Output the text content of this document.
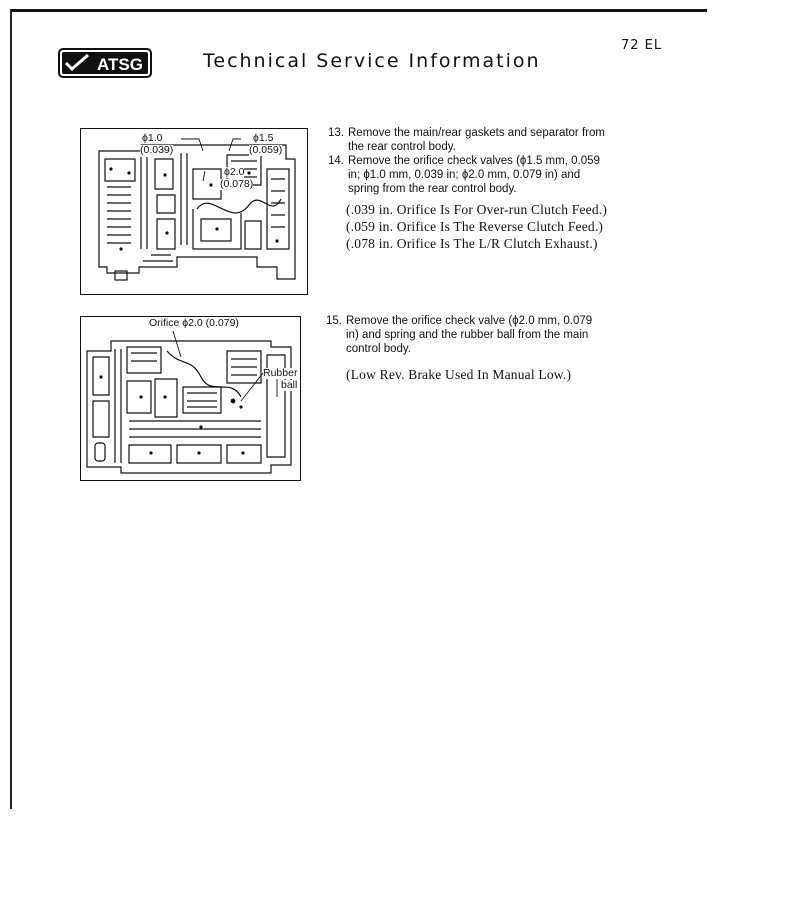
ATSG	Technical Service Information
72 EL
ϕ1.0
(0.039)
ϕ1.5
(0.059)
ϕ2.0
(0.078)
Orifice ϕ2.0 (0.079)
Rubber
ball
13. Remove the main/rear gaskets and separator from
the rear control body.
14. Remove the orifice check valves (ϕ1.5 mm, 0.059
in; ϕ1.0 mm, 0.039 in; ϕ2.0 mm, 0.079 in) and
spring from the rear control body.
(.039 in. Orifice Is For Over-run Clutch Feed.)
(.059 in. Orifice Is The Reverse Clutch Feed.)
(.078 in. Orifice Is The L/R Clutch Exhaust.)
15. Remove the orifice check valve (ϕ2.0 mm, 0.079
in) and spring and the rubber ball from the main
control body.
(Low Rev. Brake Used In Manual Low.)
